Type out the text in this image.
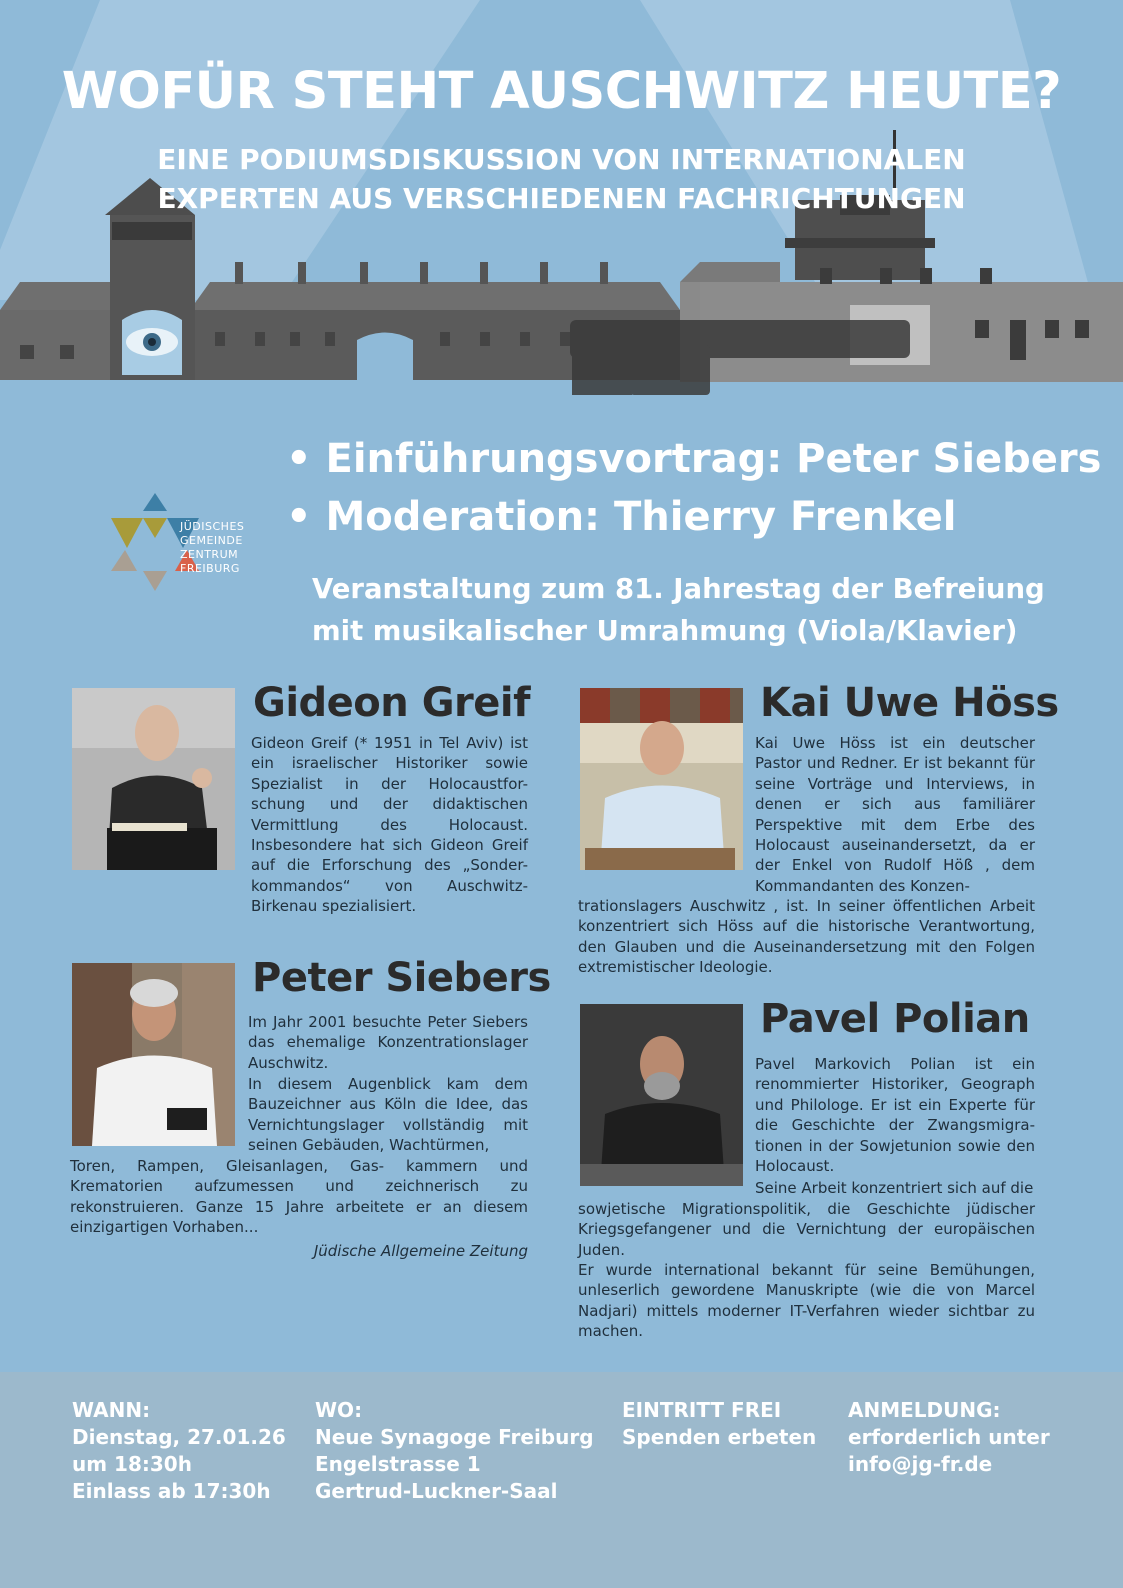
WOFÜR STEHT AUSCHWITZ HEUTE?
EINE PODIUMSDISKUSSION VON INTERNATIONALEN
EXPERTEN AUS VERSCHIEDENEN FACHRICHTUNGEN
JÜDISCHES
GEMEINDE
ZENTRUM
FREIBURG
• Einführungsvortrag: Peter Siebers
• Moderation: Thierry Frenkel
Veranstaltung zum 81. Jahrestag der Befreiung
mit musikalischer Umrahmung (Viola/Klavier)
Gideon Greif
Gideon Greif (* 1951 in Tel Aviv) ist ein israelischer Historiker sowie Spezialist in der Holocaustfor- schung und der didaktischen Vermittlung des Holocaust. Insbesondere hat sich Gideon Greif auf die Erforschung des „Sonder- kommandos“ von Auschwitz- Birkenau spezialisiert.
Kai Uwe Höss
Kai Uwe Höss ist ein deutscher Pastor und Redner. Er ist bekannt für seine Vorträge und Interviews, in denen er sich aus familiärer Perspektive mit dem Erbe des Holocaust auseinandersetzt, da er der Enkel von Rudolf Höß , dem Kommandanten des Konzen-
trationslagers Auschwitz , ist. In seiner öffentlichen Arbeit konzentriert sich Höss auf die historische Verantwortung, den Glauben und die Auseinandersetzung mit den Folgen extremistischer Ideologie.
Peter Siebers
Im Jahr 2001 besuchte Peter Siebers das ehemalige Konzentrationslager Auschwitz.
In diesem Augenblick kam dem Bauzeichner aus Köln die Idee, das Vernichtungslager vollständig mit seinen Gebäuden, Wachtürmen,
Toren, Rampen, Gleisanlagen, Gas- kammern und Krematorien aufzumessen und zeichnerisch zu rekonstruieren. Ganze 15 Jahre arbeitete er an diesem einzigartigen Vorhaben...
Jüdische Allgemeine Zeitung
Pavel Polian
Pavel Markovich Polian ist ein renommierter Historiker, Geograph und Philologe. Er ist ein Experte für die Geschichte der Zwangsmigra- tionen in der Sowjetunion sowie den Holocaust.
Seine Arbeit konzentriert sich auf die
sowjetische Migrationspolitik, die Geschichte jüdischer Kriegsgefangener und die Vernichtung der europäischen Juden.
Er wurde international bekannt für seine Bemühungen, unleserlich gewordene Manuskripte (wie die von Marcel Nadjari) mittels moderner IT-Verfahren wieder sichtbar zu machen.
WANN:
Dienstag, 27.01.26
um 18:30h
Einlass ab 17:30h
WO:
Neue Synagoge Freiburg
Engelstrasse 1
Gertrud-Luckner-Saal
EINTRITT FREI
Spenden erbeten
ANMELDUNG:
erforderlich unter
info@jg-fr.de
